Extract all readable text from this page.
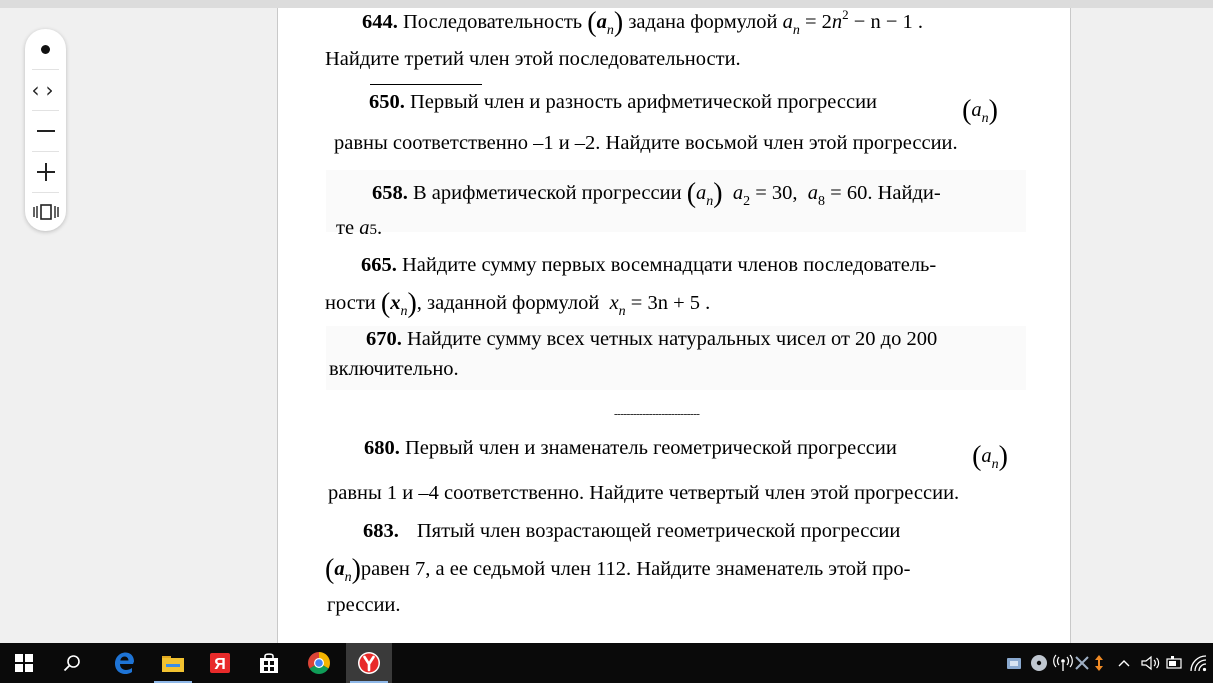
644. Последовательность $(a_n)$ задана формулой $a_n = 2n^2 - n - 1$ .
Найдите третий член этой последовательности.
650. Первый член и разность арифметической прогрессии	$(a_n)$
равны соответственно –1 и –2. Найдите восьмой член этой прогрессии.
658. В арифметической прогрессии $(a_n) a_2 = 30$, $a_8 = 60$. Найди-
те a5.
665. Найдите сумму первых восемнадцати членов последователь-
ности $(x_n)$, заданной формулой $x_n = 3n + 5$ .
670. Найдите сумму всех четных натуральных чисел от 20 до 200
включительно.
---------------------------
680. Первый член и знаменатель геометрической прогрессии	$(a_n)$
равны 1 и –4 соответственно. Найдите четвертый член этой прогрессии.
683. Пятый член возрастающей геометрической прогрессии
$(a_n)равен$ 7, а ее седьмой член 112. Найдите знаменатель этой про-
грессии.
‹ ›
Я
